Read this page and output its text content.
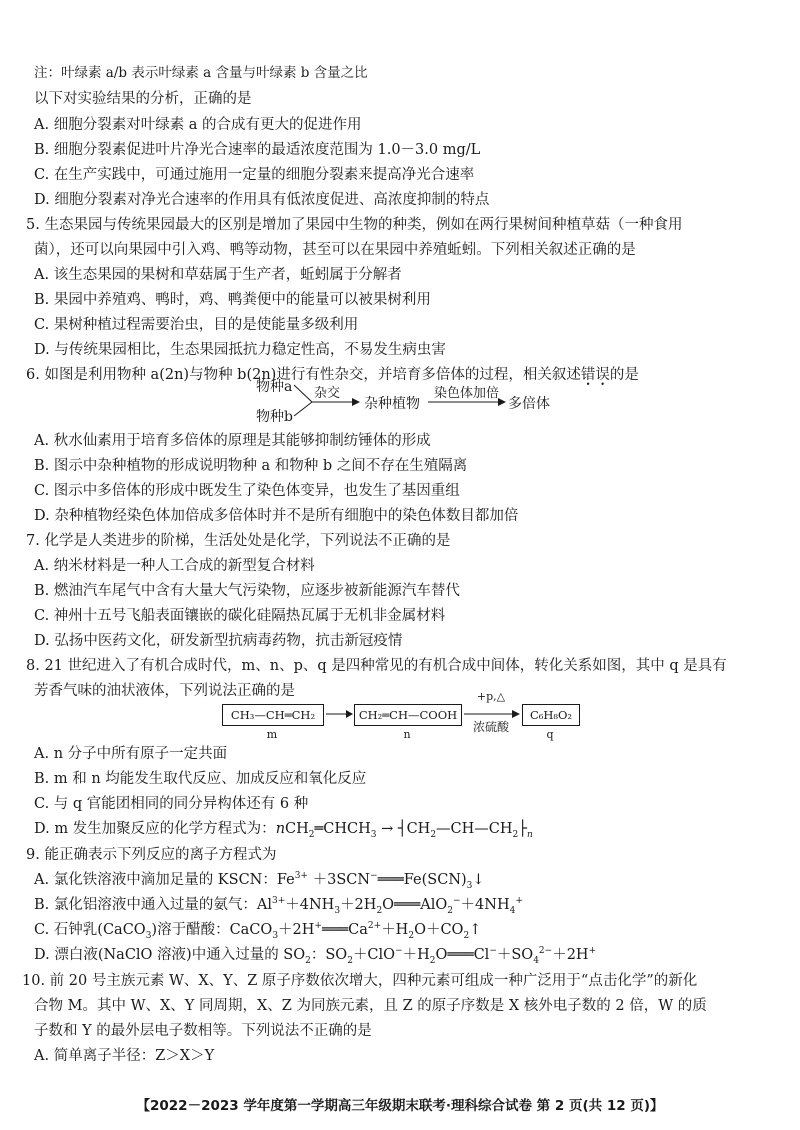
注：叶绿素 a/b 表示叶绿素 a 含量与叶绿素 b 含量之比
以下对实验结果的分析，正确的是
A. 细胞分裂素对叶绿素 a 的合成有更大的促进作用
B. 细胞分裂素促进叶片净光合速率的最适浓度范围为 1.0－3.0 mg/L
C. 在生产实践中，可通过施用一定量的细胞分裂素来提高净光合速率
D. 细胞分裂素对净光合速率的作用具有低浓度促进、高浓度抑制的特点
5. 生态果园与传统果园最大的区别是增加了果园中生物的种类，例如在两行果树间种植草菇（一种食用
菌），还可以向果园中引入鸡、鸭等动物，甚至可以在果园中养殖蚯蚓。下列相关叙述正确的是
A. 该生态果园的果树和草菇属于生产者，蚯蚓属于分解者
B. 果园中养殖鸡、鸭时，鸡、鸭粪便中的能量可以被果树利用
C. 果树种植过程需要治虫，目的是使能量多级利用
D. 与传统果园相比，生态果园抵抗力稳定性高，不易发生病虫害
6. 如图是利用物种 a(2n)与物种 b(2n)进行有性杂交，并培育多倍体的过程，相关叙述错误的是
物种a
物种b
杂交
杂种植物
染色体加倍
多倍体
A. 秋水仙素用于培育多倍体的原理是其能够抑制纺锤体的形成
B. 图示中杂种植物的形成说明物种 a 和物种 b 之间不存在生殖隔离
C. 图示中多倍体的形成中既发生了染色体变异，也发生了基因重组
D. 杂种植物经染色体加倍成多倍体时并不是所有细胞中的染色体数目都加倍
7. 化学是人类进步的阶梯，生活处处是化学，下列说法不正确的是
A. 纳米材料是一种人工合成的新型复合材料
B. 燃油汽车尾气中含有大量大气污染物，应逐步被新能源汽车替代
C. 神州十五号飞船表面镶嵌的碳化硅隔热瓦属于无机非金属材料
D. 弘扬中医药文化，研发新型抗病毒药物，抗击新冠疫情
8. 21 世纪进入了有机合成时代，m、n、p、q 是四种常见的有机合成中间体，转化关系如图，其中 q 是具有
芳香气味的油状液体，下列说法正确的是
CH₃—CH═CH₂
m
CH₂═CH—COOH
n
+p,△
浓硫酸
C₆H₈O₂
q
A. n 分子中所有原子一定共面
B. m 和 n 均能发生取代反应、加成反应和氧化反应
C. 与 q 官能团相同的同分异构体还有 6 种
D. m 发生加聚反应的化学方程式为：$nCH_2═CHCH_3$ → $┤CH_2—CH—CH_2├_n$
9. 能正确表示下列反应的离子方程式为
A. 氯化铁溶液中滴加足量的 KSCN：$Fe^{3+}$ $+3SCN^-═══Fe(SCN)_3↓$
B. 氯化铝溶液中通入过量的氨气：$Al^{3+}+4NH_3+2H_2O═══AlO_2^-+4NH_4^+$
C. 石钟乳(CaCO$_3$)溶于醋酸：$CaCO_3+2H^+═══Ca^{2+}+H_2O+CO_2↑$
D. 漂白液(NaClO 溶液)中通入过量的 $SO_2$：$SO_2+ClO^-+H_2O═══Cl^-+SO_4^{2-}+2H^+$
10. 前 20 号主族元素 W、X、Y、Z 原子序数依次增大，四种元素可组成一种广泛用于“点击化学”的新化
合物 M。其中 W、X、Y 同周期，X、Z 为同族元素，且 Z 的原子序数是 X 核外电子数的 2 倍，W 的质
子数和 Y 的最外层电子数相等。下列说法不正确的是
A. 简单离子半径：Z＞X＞Y
【2022－2023 学年度第一学期高三年级期末联考·理科综合试卷 第 2 页(共 12 页)】
